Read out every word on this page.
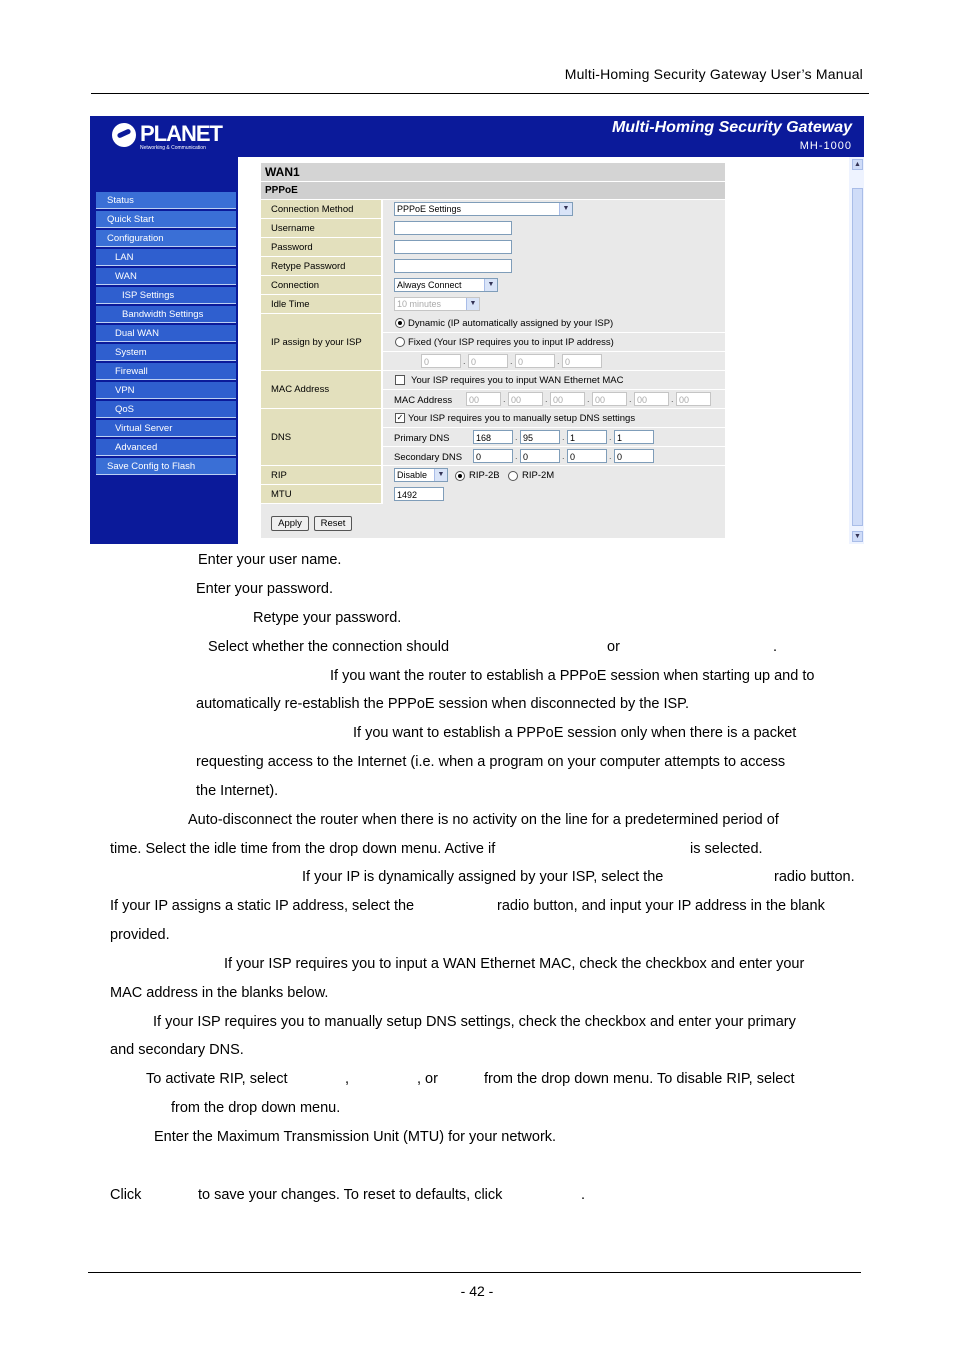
Multi-Homing Security Gateway User’s Manual
PLANET
Networking & Communication
Multi-Homing Security Gateway
MH-1000
Status
Quick Start
Configuration
LAN
WAN
ISP Settings
Bandwidth Settings
Dual WAN
System
Firewall
VPN
QoS
Virtual Server
Advanced
Save Config to Flash
WAN1
PPPoE
Connection Method	PPPoE Settings	▼
Username
Password
Retype Password
Connection	Always Connect	▼
Idle Time	10 minutes	▼
IP assign by your ISP
Dynamic (IP automatically assigned by your ISP)
Fixed (Your ISP requires you to input IP address)
0	. 0	. 0	. 0
MAC Address
Your ISP requires you to input WAN Ethernet MAC
MAC Address	00	. 00	. 00	. 00	. 00	. 00
DNS
✓ Your ISP requires you to manually setup DNS settings
Primary DNS	168	. 95	. 1	. 1
Secondary DNS	0	. 0	. 0	. 0
RIP	Disable	▼	RIP-2B RIP-2M
MTU	1492
Apply	Reset
▲
▼
Enter your user name.
Enter your password.
Retype your password.
Select whether the connection should	or	.
If you want the router to establish a PPPoE session when starting up and to
automatically re-establish the PPPoE session when disconnected by the ISP.
If you want to establish a PPPoE session only when there is a packet
requesting access to the Internet (i.e. when a program on your computer attempts to access
the Internet).
Auto-disconnect the router when there is no activity on the line for a predetermined period of
time. Select the idle time from the drop down menu. Active if	is selected.
If your IP is dynamically assigned by your ISP, select the	radio button.
If your IP assigns a static IP address, select the	radio button, and input your IP address in the blank
provided.
If your ISP requires you to input a WAN Ethernet MAC, check the checkbox and enter your
MAC address in the blanks below.
If your ISP requires you to manually setup DNS settings, check the checkbox and enter your primary
and secondary DNS.
To activate RIP, select	,	, or	from the drop down menu. To disable RIP, select
from the drop down menu.
Enter the Maximum Transmission Unit (MTU) for your network.
Click	to save your changes. To reset to defaults, click	.
- 42 -
